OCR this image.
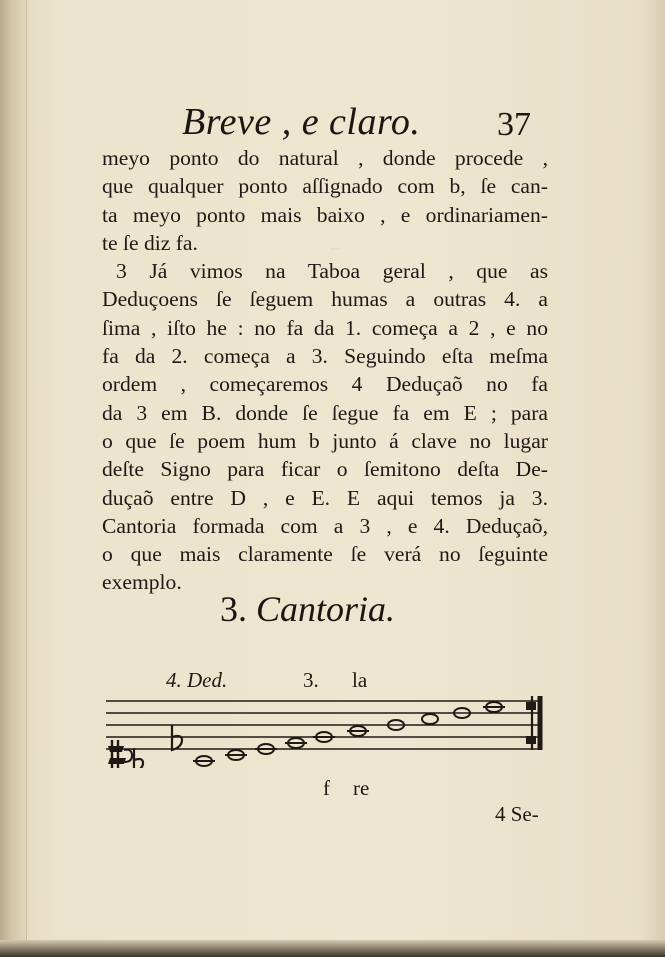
_
Breve , e claro. 37
meyo ponto do natural , donde procede ,
que qualquer ponto aſſignado com b, ſe can-
ta meyo ponto mais baixo , e ordinariamen-
te ſe diz fa.
3 Já vimos na Taboa geral , que as
Deduçoens ſe ſeguem humas a outras 4. a
ſima , iſto he : no fa da 1. começa a 2 , e no
fa da 2. começa a 3. Seguindo eſta meſma
ordem , começaremos 4 Deduçaõ no fa
da 3 em B. donde ſe ſegue fa em E ; para
o que ſe poem hum b junto á clave no lugar
deſte Signo para ficar o ſemitono deſta De-
duçaõ entre D , e E. E aqui temos ja 3.
Cantoria formada com a 3 , e 4. Deduçaõ,
o que mais claramente ſe verá no ſeguinte
exemplo.
3. Cantoria.
4. Ded.	3. la
f re
4 Se-
